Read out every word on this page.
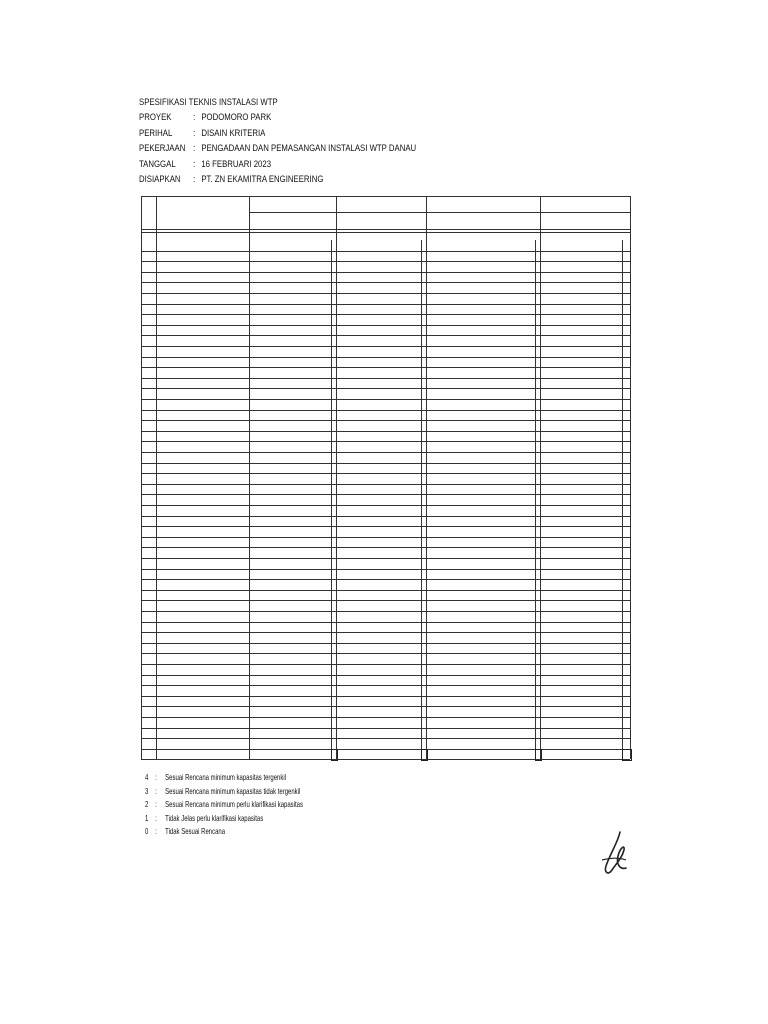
SPESIFIKASI TEKNIS INSTALASI WTP
PROYEK : PODOMORO PARK
PERIHAL : DISAIN KRITERIA
PEKERJAAN : PENGADAAN DAN PEMASANGAN INSTALASI WTP DANAU
TANGGAL : 16 FEBRUARI 2023
DISIAPKAN : PT. ZN EKAMITRA ENGINEERING
4 : Sesuai Rencana minimum kapasitas tergenkil
3 : Sesuai Rencana minimum kapasitas tidak tergenkil
2 : Sesuai Rencana minimum perlu klarifikasi kapasitas
1 : Tidak Jelas perlu klarifikasi kapasitas
0 : Tidak Sesuai Rencana
